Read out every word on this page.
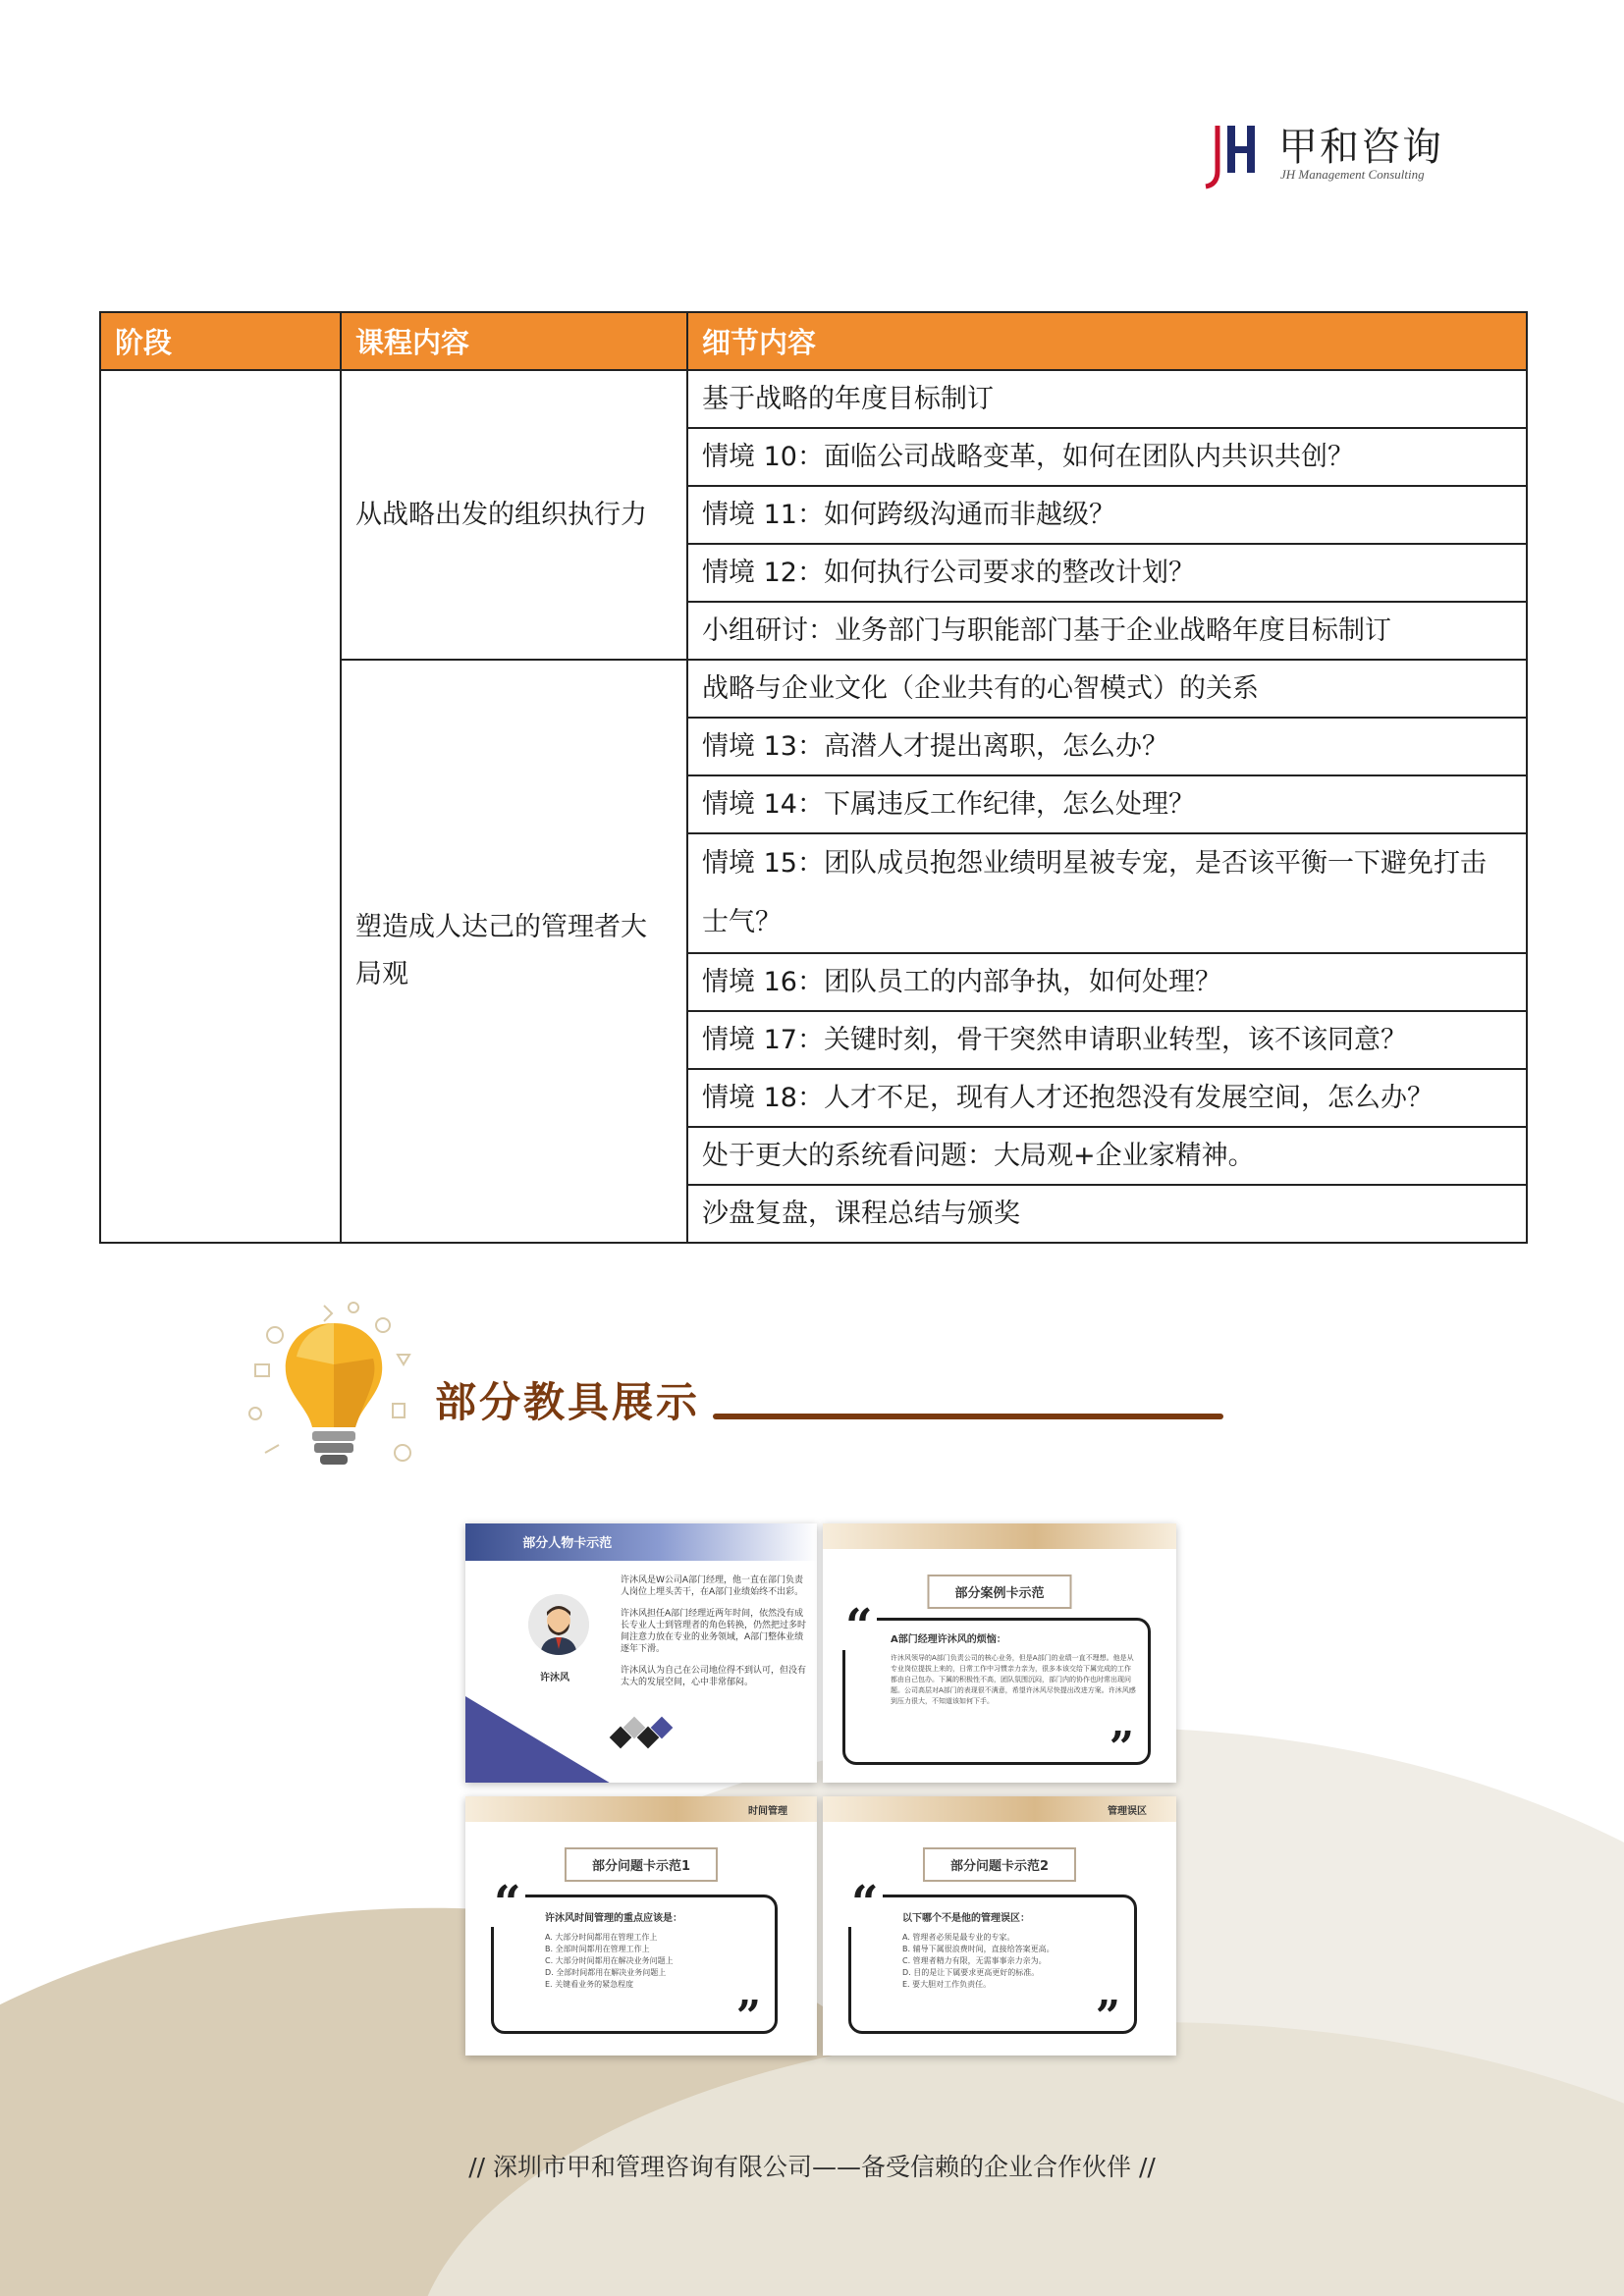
甲和咨询
JH Management Consulting
阶段	课程内容	细节内容
	从战略出发的组织执行力	基于战略的年度目标制订
		情境 10：面临公司战略变革，如何在团队内共识共创？
		情境 11：如何跨级沟通而非越级？
		情境 12：如何执行公司要求的整改计划？
		小组研讨：业务部门与职能部门基于企业战略年度目标制订
	塑造成人达己的管理者大局观	战略与企业文化（企业共有的心智模式）的关系
		情境 13：高潜人才提出离职，怎么办？
		情境 14：下属违反工作纪律，怎么处理？
		情境 15：团队成员抱怨业绩明星被专宠，是否该平衡一下避免打击士气？
		情境 16：团队员工的内部争执，如何处理？
		情境 17：关键时刻，骨干突然申请职业转型，该不该同意？
		情境 18：人才不足，现有人才还抱怨没有发展空间，怎么办？
		处于更大的系统看问题：大局观+企业家精神。
		沙盘复盘，课程总结与颁奖
部分教具展示
部分人物卡示范
许沐风

许沐风是W公司A部门经理，他一直在部门负责人岗位上埋头苦干，在A部门业绩始终不出彩。

许沐风担任A部门经理近两年时间，依然没有成长专业人士到管理者的角色转换，仍然把过多时间注意力放在专业的业务领域，A部门整体业绩逐年下滑。

许沐风认为自己在公司地位得不到认可，但没有太大的发展空间，心中非常郁闷。

部分案例卡示范
“	A部门经理许沐风的烦恼：
许沐风领导的A部门负责公司的核心业务，但是A部门的业绩一直不理想。他是从专业岗位提拔上来的，日常工作中习惯亲力亲为，很多本该交给下属完成的工作都由自己包办。下属的积极性不高，团队氛围沉闷，部门内的协作也时常出现问题。公司高层对A部门的表现很不满意，希望许沐风尽快提出改进方案。许沐风感到压力很大，不知道该如何下手。
”
时间管理
部分问题卡示范1
“	许沐风时间管理的重点应该是：

A. 大部分时间都用在管理工作上

B. 全部时间都用在管理工作上

C. 大部分时间都用在解决业务问题上

D. 全部时间都用在解决业务问题上

E. 关键看业务的紧急程度

”
管理误区
部分问题卡示范2
“	以下哪个不是他的管理误区：

A. 管理者必须是最专业的专家。

B. 辅导下属很浪费时间，直接给答案更高。

C. 管理者精力有限，无需事事亲力亲为。

D. 目的是让下属要求更高更好的标准。

E. 要大胆对工作负责任。

”
// 深圳市甲和管理咨询有限公司——备受信赖的企业合作伙伴 //
